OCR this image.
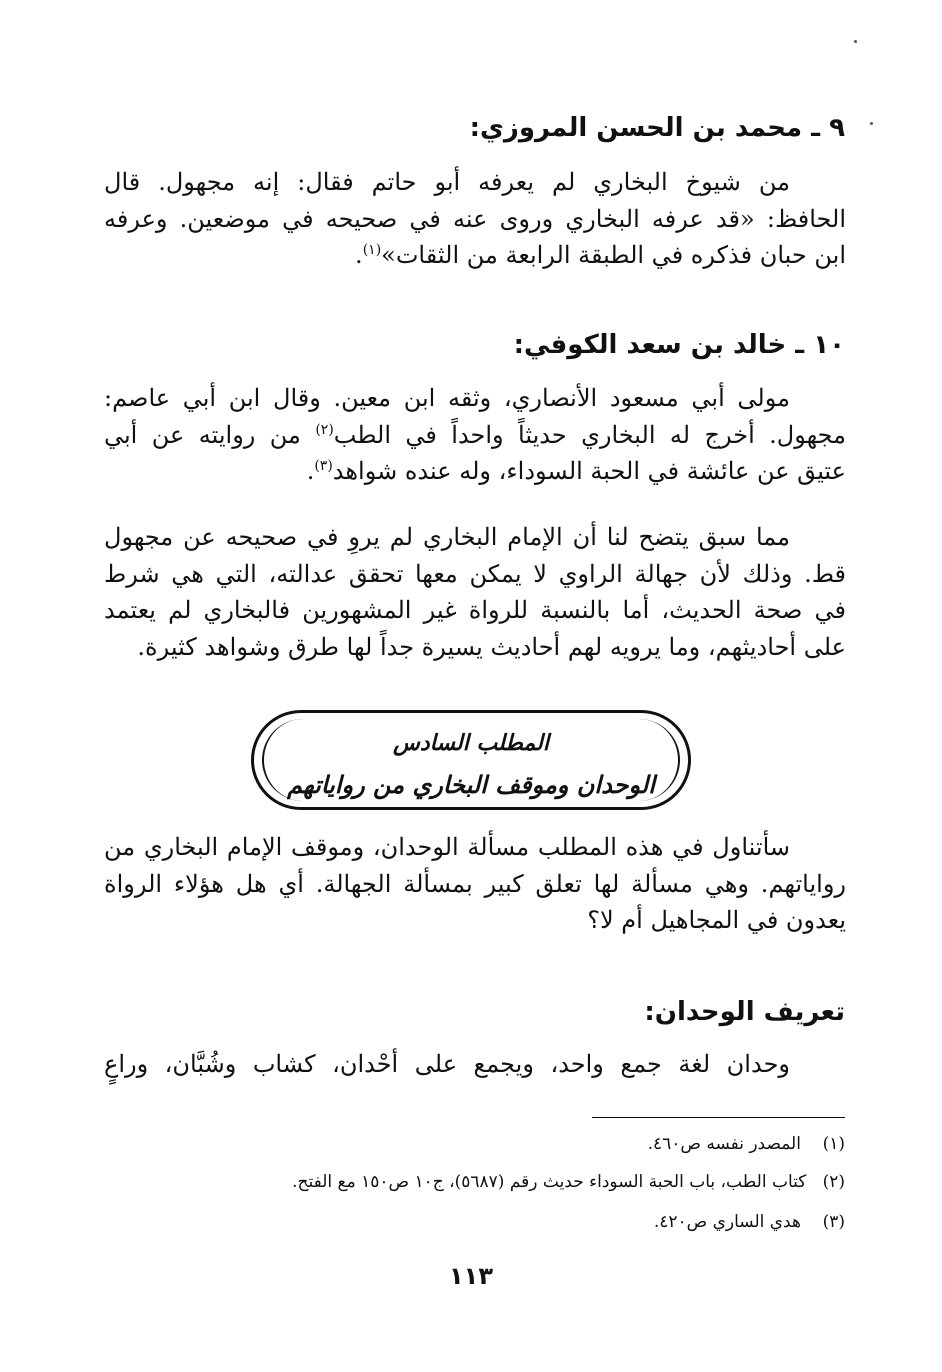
٩ ـ محمد بن الحسن المروزي:
من شيوخ البخاري لم يعرفه أبو حاتم فقال: إنه مجهول. قال
الحافظ: «قد عرفه البخاري وروى عنه في صحيحه في موضعين. وعرفه
ابن حبان فذكره في الطبقة الرابعة من الثقات»$^{(١)}$.
١٠ ـ خالد بن سعد الكوفي:
مولى أبي مسعود الأنصاري، وثقه ابن معين. وقال ابن أبي عاصم:
مجهول. أخرج له البخاري حديثاً واحداً في الطب$^{(٢)}$ من روايته عن أبي
عتيق عن عائشة في الحبة السوداء، وله عنده شواهد$^{(٣)}$.
مما سبق يتضح لنا أن الإمام البخاري لم يروِ في صحيحه عن مجهول
قط. وذلك لأن جهالة الراوي لا يمكن معها تحقق عدالته، التي هي شرط
في صحة الحديث، أما بالنسبة للرواة غير المشهورين فالبخاري لم يعتمد
على أحاديثهم، وما يرويه لهم أحاديث يسيرة جداً لها طرق وشواهد كثيرة.
المطلب السادس
الوحدان وموقف البخاري من رواياتهم
سأتناول في هذه المطلب مسألة الوحدان، وموقف الإمام البخاري من
رواياتهم. وهي مسألة لها تعلق كبير بمسألة الجهالة. أي هل هؤلاء الرواة
يعدون في المجاهيل أم لا؟
تعريف الوحدان:
وحدان لغة جمع واحد، ويجمع على أحْدان، كشاب وشُبَّان، وراعٍ
(١)    المصدر نفسه ص٤٦٠.
(٢)   كتاب الطب، باب الحبة السوداء حديث رقم (٥٦٨٧)، ج١٠ ص١٥٠ مع الفتح.
(٣)    هدي الساري ص٤٢٠.
١١٣
